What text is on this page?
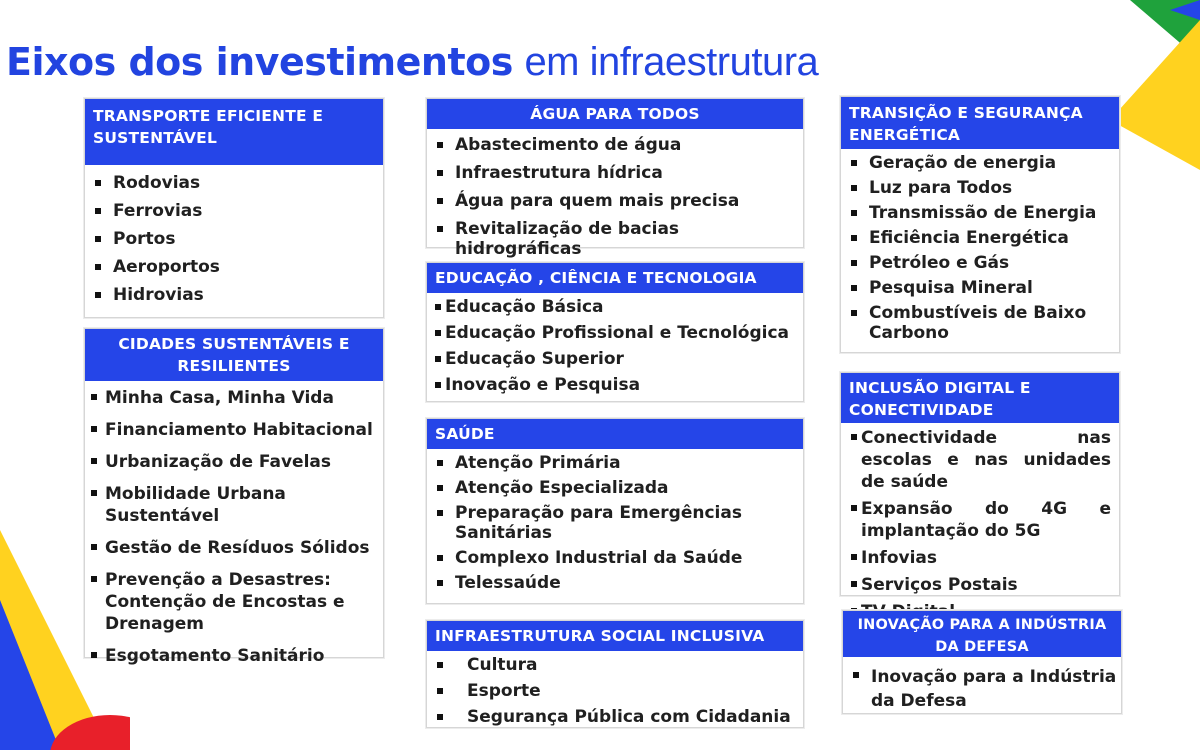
Eixos dos investimentos em infraestrutura
TRANSPORTE EFICIENTE E SUSTENTÁVEL
Rodovias
Ferrovias
Portos
Aeroportos
Hidrovias
CIDADES SUSTENTÁVEIS E RESILIENTES
Minha Casa, Minha Vida
Financiamento Habitacional
Urbanização de Favelas
Mobilidade Urbana Sustentável
Gestão de Resíduos Sólidos
Prevenção a Desastres: Contenção de Encostas e Drenagem
Esgotamento Sanitário
ÁGUA PARA TODOS
Abastecimento de água
Infraestrutura hídrica
Água para quem mais precisa
Revitalização de bacias hidrográficas
EDUCAÇÃO , CIÊNCIA E TECNOLOGIA
Educação Básica
Educação Profissional e Tecnológica
Educação Superior
Inovação e Pesquisa
SAÚDE
Atenção Primária
Atenção Especializada
Preparação para Emergências Sanitárias
Complexo Industrial da Saúde
Telessaúde
INFRAESTRUTURA SOCIAL INCLUSIVA
Cultura
Esporte
Segurança Pública com Cidadania
TRANSIÇÃO E SEGURANÇA ENERGÉTICA
Geração de energia
Luz para Todos
Transmissão de Energia
Eficiência Energética
Petróleo e Gás
Pesquisa Mineral
Combustíveis de Baixo Carbono
INCLUSÃO DIGITAL E CONECTIVIDADE
Conectividade nas escolas e nas unidades de saúde
Expansão do 4G e implantação do 5G
Infovias
Serviços Postais
INOVAÇÃO PARA A INDÚSTRIA DA DEFESA
Inovação para a Indústria da Defesa
